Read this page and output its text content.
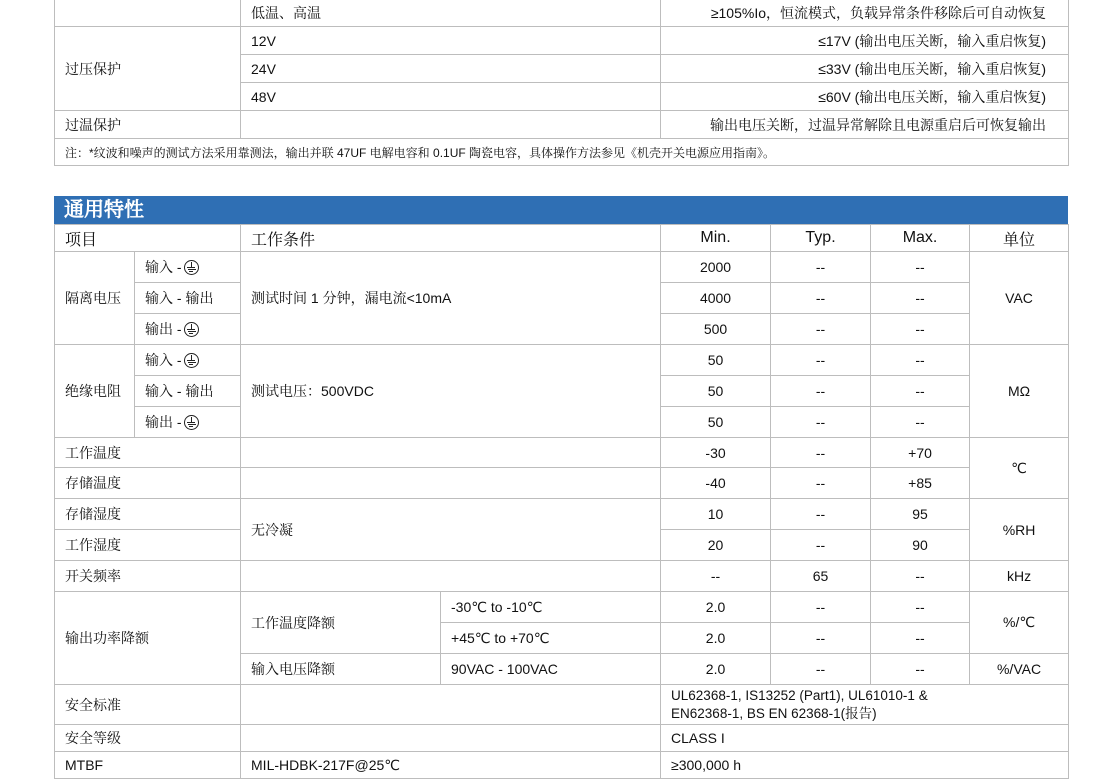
	低温、高温	≥105%Io，恒流模式，负载异常条件移除后可自动恢复
过压保护	12V	≤17V (输出电压关断，输入重启恢复)
	24V	≤33V (输出电压关断，输入重启恢复)
	48V	≤60V (输出电压关断，输入重启恢复)
过温保护		输出电压关断，过温异常解除且电源重启后可恢复输出
注：*纹波和噪声的测试方法采用靠测法，输出并联 47UF 电解电容和 0.1UF 陶瓷电容，具体操作方法参见《机壳开关电源应用指南》。		
通用特性
项目		工作条件		Min.	Typ.	Max.	单位
隔离电压	输入 -	测试时间 1 分钟，漏电流<10mA		2000	--	--	VAC
	输入 - 输出			4000	--	--	
	输出 -			500	--	--	
绝缘电阻	输入 -	测试电压：500VDC		50	--	--	MΩ
	输入 - 输出			50	--	--	
	输出 -			50	--	--	
工作温度				-30	--	+70	℃
存储温度				-40	--	+85	
存储湿度		无冷凝		10	--	95	%RH
工作湿度				20	--	90	
开关频率				--	65	--	kHz
输出功率降额		工作温度降额	-30℃ to -10℃	2.0	--	--	%/℃
			+45℃ to +70℃	2.0	--	--	
		输入电压降额	90VAC - 100VAC	2.0	--	--	%/VAC
安全标准				UL62368-1, IS13252 (Part1), UL61010-1 &
EN62368-1, BS EN 62368-1(报告)			

安全等级				CLASS I			
MTBF		MIL-HDBK-217F@25℃		≥300,000 h			
